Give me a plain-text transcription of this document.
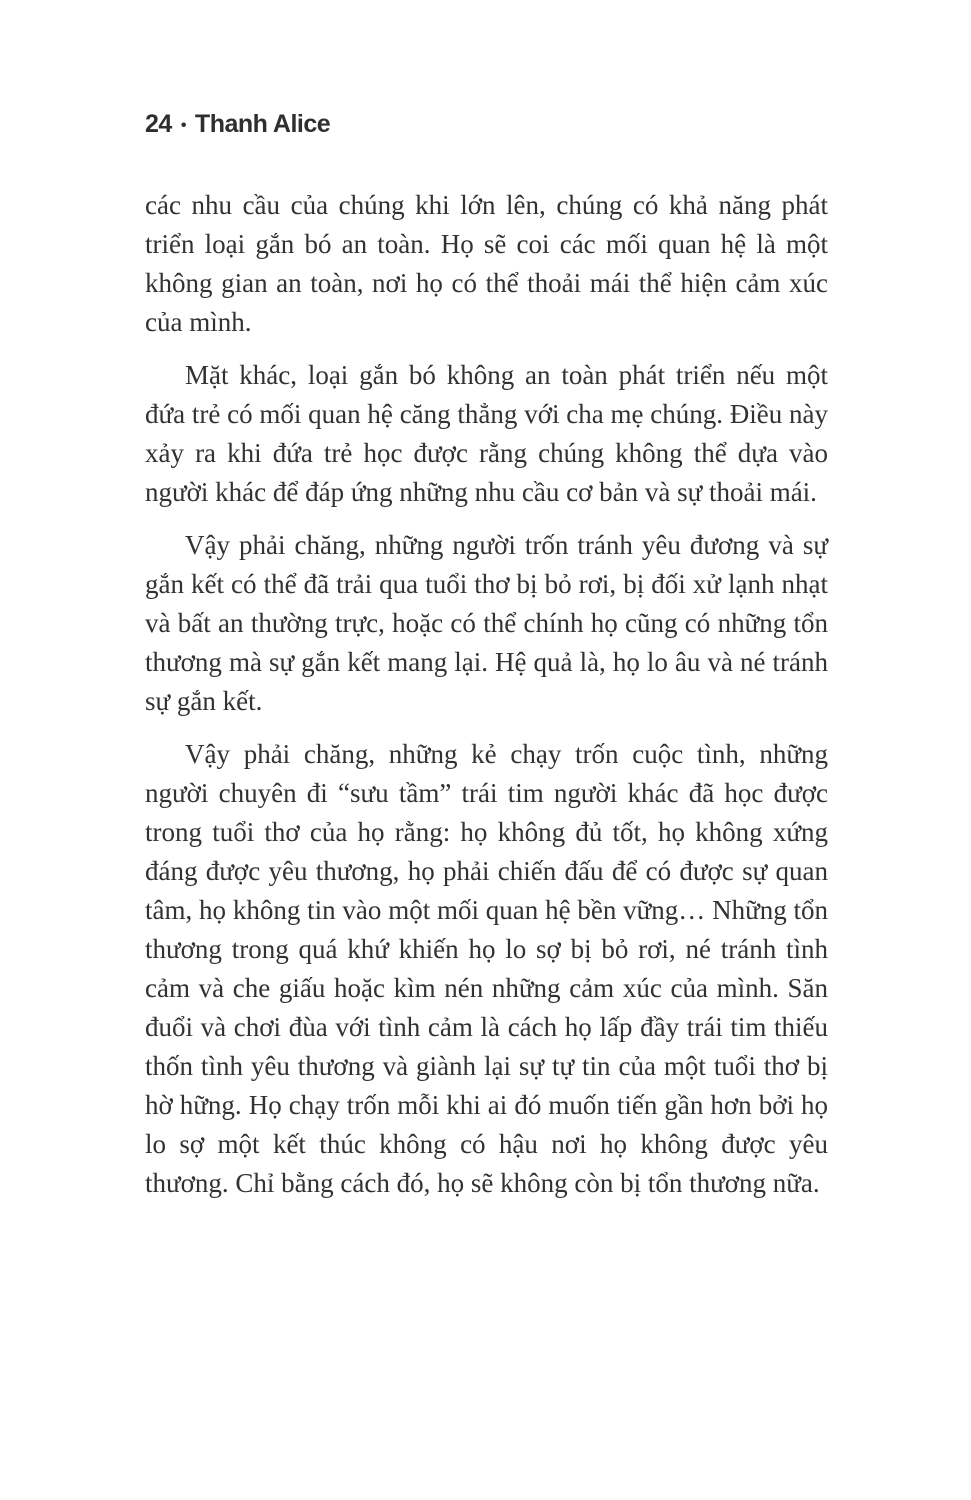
24 • Thanh Alice

các nhu cầu của chúng khi lớn lên, chúng có khả năng phát triển loại gắn bó an toàn. Họ sẽ coi các mối quan hệ là một không gian an toàn, nơi họ có thể thoải mái thể hiện cảm xúc của mình.

Mặt khác, loại gắn bó không an toàn phát triển nếu một đứa trẻ có mối quan hệ căng thẳng với cha mẹ chúng. Điều này xảy ra khi đứa trẻ học được rằng chúng không thể dựa vào người khác để đáp ứng những nhu cầu cơ bản và sự thoải mái.

Vậy phải chăng, những người trốn tránh yêu đương và sự gắn kết có thể đã trải qua tuổi thơ bị bỏ rơi, bị đối xử lạnh nhạt và bất an thường trực, hoặc có thể chính họ cũng có những tổn thương mà sự gắn kết mang lại. Hệ quả là, họ lo âu và né tránh sự gắn kết.

Vậy phải chăng, những kẻ chạy trốn cuộc tình, những người chuyên đi “sưu tầm” trái tim người khác đã học được trong tuổi thơ của họ rằng: họ không đủ tốt, họ không xứng đáng được yêu thương, họ phải chiến đấu để có được sự quan tâm, họ không tin vào một mối quan hệ bền vững… Những tổn thương trong quá khứ khiến họ lo sợ bị bỏ rơi, né tránh tình cảm và che giấu hoặc kìm nén những cảm xúc của mình. Săn đuổi và chơi đùa với tình cảm là cách họ lấp đầy trái tim thiếu thốn tình yêu thương và giành lại sự tự tin của một tuổi thơ bị hờ hững. Họ chạy trốn mỗi khi ai đó muốn tiến gần hơn bởi họ lo sợ một kết thúc không có hậu nơi họ không được yêu thương. Chỉ bằng cách đó, họ sẽ không còn bị tổn thương nữa.
